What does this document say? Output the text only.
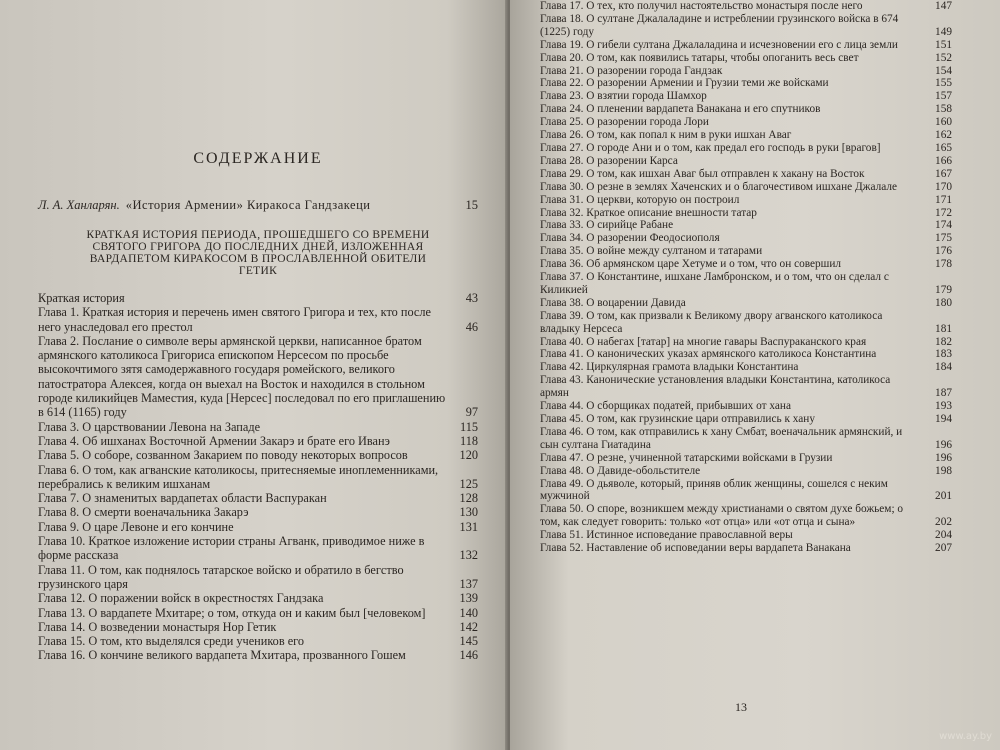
СОДЕРЖАНИЕ
Л. А. Ханларян. «История Армении» Киракоса Гандзакеци	15
КРАТКАЯ ИСТОРИЯ ПЕРИОДА, ПРОШЕДШЕГО СО ВРЕМЕНИ СВЯТОГО ГРИГОРА ДО ПОСЛЕДНИХ ДНЕЙ, ИЗЛОЖЕННАЯ ВАРДАПЕТОМ КИРАКОСОМ В ПРОСЛАВЛЕННОЙ ОБИТЕЛИ ГЕТИК
Краткая история	43
Глава 1. Краткая история и перечень имен святого Григора и тех, кто после него унаследовал его престол	46
Глава 2. Послание о символе веры армянской церкви, написанное братом армянского католикоса Григориса епископом Нерсесом по просьбе высокочтимого зятя самодержавного государя ромейского, великого патостратора Алексея, когда он выехал на Восток и находился в стольном городе киликийцев Маместия, куда [Нерсес] последовал по его приглашению в 614 (1165) году	97
Глава 3. О царствовании Левона на Западе	115
Глава 4. Об ишханах Восточной Армении Закарэ и брате его Иванэ	118
Глава 5. О соборе, созванном Закарием по поводу некоторых вопросов	120
Глава 6. О том, как агванские католикосы, притесняемые иноплеменниками, перебрались к великим ишханам	125
Глава 7. О знаменитых вардапетах области Васпуракан	128
Глава 8. О смерти военачальника Закарэ	130
Глава 9. О царе Левоне и его кончине	131
Глава 10. Краткое изложение истории страны Агванк, приводимое ниже в форме рассказа	132
Глава 11. О том, как поднялось татарское войско и обратило в бегство грузинского царя	137
Глава 12. О поражении войск в окрестностях Гандзака	139
Глава 13. О вардапете Мхитаре; о том, откуда он и каким был [человеком]	140
Глава 14. О возведении монастыря Нор Гетик	142
Глава 15. О том, кто выделялся среди учеников его	145
Глава 16. О кончине великого вардапета Мхитара, прозванного Гошем	146
Глава 17. О тех, кто получил настоятельство монастыря после него	147
Глава 18. О султане Джалаладине и истреблении грузинского войска в 674 (1225) году	149
Глава 19. О гибели султана Джалаладина и исчезновении его с лица земли	151
Глава 20. О том, как появились татары, чтобы опоганить весь свет	152
Глава 21. О разорении города Гандзак	154
Глава 22. О разорении Армении и Грузии теми же войсками	155
Глава 23. О взятии города Шамхор	157
Глава 24. О пленении вардапета Ванакана и его спутников	158
Глава 25. О разорении города Лори	160
Глава 26. О том, как попал к ним в руки ишхан Аваг	162
Глава 27. О городе Ани и о том, как предал его господь в руки [врагов]	165
Глава 28. О разорении Карса	166
Глава 29. О том, как ишхан Аваг был отправлен к хакану на Восток	167
Глава 30. О резне в землях Хаченских и о благочестивом ишхане Джалале	170
Глава 31. О церкви, которую он построил	171
Глава 32. Краткое описание внешности татар	172
Глава 33. О сирийце Рабане	174
Глава 34. О разорении Феодосиополя	175
Глава 35. О войне между султаном и татарами	176
Глава 36. Об армянском царе Хетуме и о том, что он совершил	178
Глава 37. О Константине, ишхане Ламбронском, и о том, что он сделал с Киликией	179
Глава 38. О воцарении Давида	180
Глава 39. О том, как призвали к Великому двору агванского католикоса владыку Нерсеса	181
Глава 40. О набегах [татар] на многие гавары Васпураканского края	182
Глава 41. О канонических указах армянского католикоса Константина	183
Глава 42. Циркулярная грамота владыки Константина	184
Глава 43. Канонические установления владыки Константина, католикоса армян	187
Глава 44. О сборщиках податей, прибывших от хана	193
Глава 45. О том, как грузинские цари отправились к хану	194
Глава 46. О том, как отправились к хану Смбат, военачальник армянский, и сын султана Гиатадина	196
Глава 47. О резне, учиненной татарскими войсками в Грузии	196
Глава 48. О Давиде-обольстителе	198
Глава 49. О дьяволе, который, приняв облик женщины, сошелся с неким мужчиной	201
Глава 50. О споре, возникшем между христианами о святом духе божьем; о том, как следует говорить: только «от отца» или «от отца и сына»	202
Глава 51. Истинное исповедание православной веры	204
Глава 52. Наставление об исповедании веры вардапета Ванакана	207
13
www.ay.by
